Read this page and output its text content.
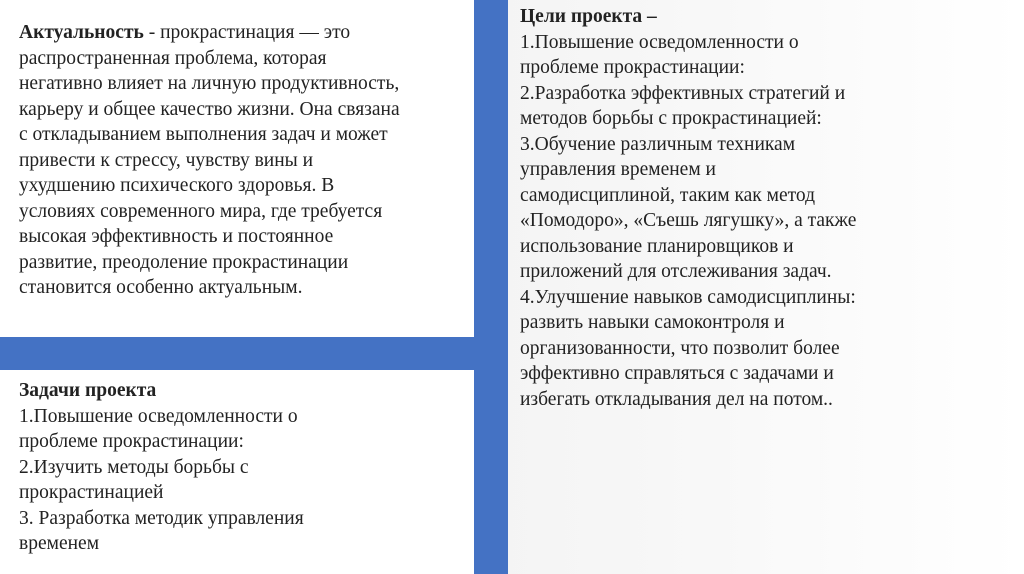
Актуальность - прокрастинация — это
распространенная проблема, которая
негативно влияет на личную продуктивность,
карьеру и общее качество жизни. Она связана
с откладыванием выполнения задач и может
привести к стрессу, чувству вины и
ухудшению психического здоровья. В
условиях современного мира, где требуется
высокая эффективность и постоянное
развитие, преодоление прокрастинации
становится особенно актуальным.
Цели проекта –
1.Повышение осведомленности о
проблеме прокрастинации:
2.Разработка эффективных стратегий и
методов борьбы с прокрастинацией:
3.Обучение различным техникам
управления временем и
самодисциплиной, таким как метод
«Помодоро», «Съешь лягушку», а также
использование планировщиков и
приложений для отслеживания задач.
4.Улучшение навыков самодисциплины:
развить навыки самоконтроля и
организованности, что позволит более
эффективно справляться с задачами и
избегать откладывания дел на потом..
Задачи проекта
1.Повышение осведомленности о
проблеме прокрастинации:
2.Изучить методы борьбы с
прокрастинацией
3. Разработка методик управления
временем
